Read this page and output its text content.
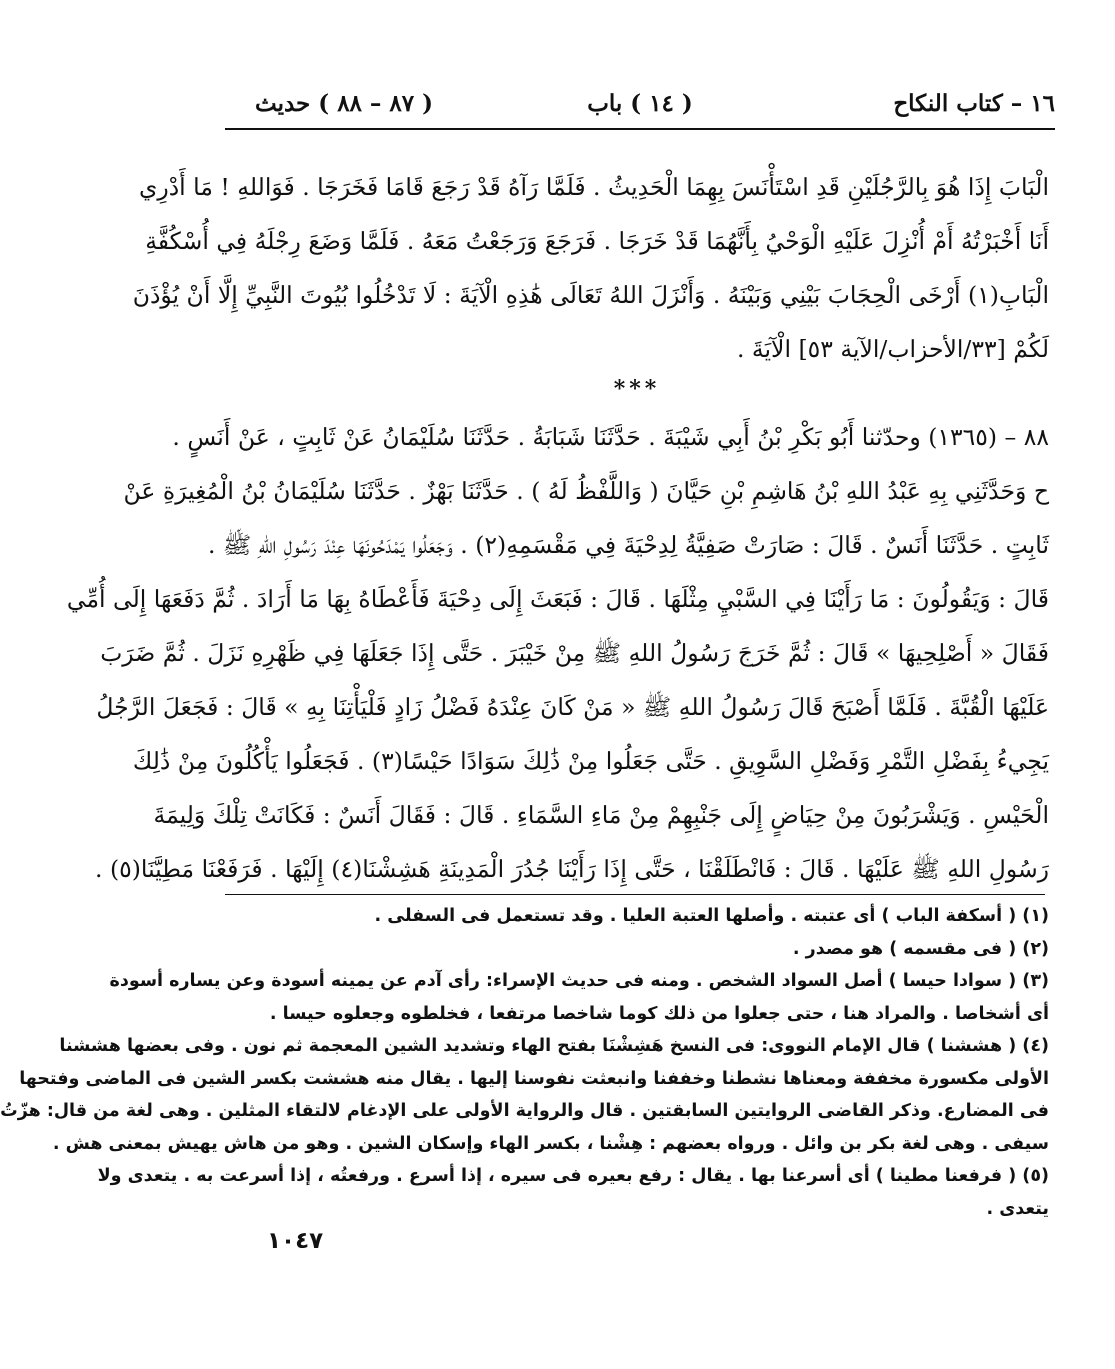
١٦ – كتاب النكاح
( ١٤ ) باب
( ٨٧ – ٨٨ ) حديث
الْبَابَ إِذَا هُوَ بِالرَّجُلَيْنِ قَدِ اسْتَأْنَسَ بِهِمَا الْحَدِيثُ . فَلَمَّا رَآهُ قَدْ رَجَعَ قَامَا فَخَرَجَا . فَوَاللهِ ! مَا أَدْرِي
أَنَا أَخْبَرْتُهُ أَمْ أُنْزِلَ عَلَيْهِ الْوَحْيُ بِأَنَّهُمَا قَدْ خَرَجَا . فَرَجَعَ وَرَجَعْتُ مَعَهُ . فَلَمَّا وَضَعَ رِجْلَهُ فِي أُسْكُفَّةِ
الْبَابِ(١) أَرْخَى الْحِجَابَ بَيْنِي وَبَيْنَهُ . وَأَنْزَلَ اللهُ تَعَالَى هَٰذِهِ الْآيَةَ : لَا تَدْخُلُوا بُيُوتَ النَّبِيِّ إِلَّا أَنْ يُؤْذَنَ
لَكُمْ [٣٣/الأحزاب/الآية ٥٣] الْآيَةَ .
***
٨٨ – (١٣٦٥) وحدّثنا أَبُو بَكْرِ بْنُ أَبِي شَيْبَةَ . حَدَّثَنَا شَبَابَةُ . حَدَّثَنَا سُلَيْمَانُ عَنْ ثَابِتٍ ، عَنْ أَنَسٍ .
ح وَحَدَّثَنِي بِهِ عَبْدُ اللهِ بْنُ هَاشِمِ بْنِ حَيَّانَ ( وَاللَّفْظُ لَهُ ) . حَدَّثَنَا بَهْزٌ . حَدَّثَنَا سُلَيْمَانُ بْنُ الْمُغِيرَةِ عَنْ
ثَابِتٍ . حَدَّثَنَا أَنَسٌ . قَالَ : صَارَتْ صَفِيَّةُ لِدِحْيَةَ فِي مَقْسَمِهِ(٢) . وَجَعَلُوا يَمْدَحُونَهَا عِنْدَ رَسُولِ اللهِ ﷺ .
قَالَ : وَيَقُولُونَ : مَا رَأَيْنَا فِي السَّبْيِ مِثْلَهَا . قَالَ : فَبَعَثَ إِلَى دِحْيَةَ فَأَعْطَاهُ بِهَا مَا أَرَادَ . ثُمَّ دَفَعَهَا إِلَى أُمِّي
فَقَالَ « أَصْلِحِيهَا » قَالَ : ثُمَّ خَرَجَ رَسُولُ اللهِ ﷺ مِنْ خَيْبَرَ . حَتَّى إِذَا جَعَلَهَا فِي ظَهْرِهِ نَزَلَ . ثُمَّ ضَرَبَ
عَلَيْهَا الْقُبَّةَ . فَلَمَّا أَصْبَحَ قَالَ رَسُولُ اللهِ ﷺ « مَنْ كَانَ عِنْدَهُ فَضْلُ زَادٍ فَلْيَأْتِنَا بِهِ » قَالَ : فَجَعَلَ الرَّجُلُ
يَجِيءُ بِفَضْلِ التَّمْرِ وَفَضْلِ السَّوِيقِ . حَتَّى جَعَلُوا مِنْ ذَٰلِكَ سَوَادًا حَيْسًا(٣) . فَجَعَلُوا يَأْكُلُونَ مِنْ ذَٰلِكَ
الْحَيْسِ . وَيَشْرَبُونَ مِنْ حِيَاضٍ إِلَى جَنْبِهِمْ مِنْ مَاءِ السَّمَاءِ . قَالَ : فَقَالَ أَنَسٌ : فَكَانَتْ تِلْكَ وَلِيمَةَ
رَسُولِ اللهِ ﷺ عَلَيْهَا . قَالَ : فَانْطَلَقْنَا ، حَتَّى إِذَا رَأَيْنَا جُدُرَ الْمَدِينَةِ هَشِشْنَا(٤) إِلَيْهَا . فَرَفَعْنَا مَطِيَّنَا(٥) .
(١) ( أسكفة الباب ) أى عتبته . وأصلها العتبة العليا . وقد تستعمل فى السفلى .
(٢) ( فى مقسمه ) هو مصدر .
(٣) ( سوادا حيسا ) أصل السواد الشخص . ومنه فى حديث الإسراء: رأى آدم عن يمينه أسودة وعن يساره أسودة
أى أشخاصا . والمراد هنا ، حتى جعلوا من ذلك كوما شاخصا مرتفعا ، فخلطوه وجعلوه حيسا .
(٤) ( هششنا ) قال الإمام النووى: فى النسخ هَشِشْنَا بفتح الهاء وتشديد الشين المعجمة ثم نون . وفى بعضها هششنا
الأولى مكسورة مخففة ومعناها نشطنا وخففنا وانبعثت نفوسنا إليها . يقال منه هششت بكسر الشين فى الماضى وفتحها
فى المضارع. وذكر القاضى الروايتين السابقتين . قال والرواية الأولى على الإدغام لالتقاء المثلين . وهى لغة من قال: هزّتُ
سيفى . وهى لغة بكر بن وائل . ورواه بعضهم : هِشْنا ، بكسر الهاء وإسكان الشين . وهو من هاش يهيش بمعنى هش .
(٥) ( فرفعنا مطينا ) أى أسرعنا بها . يقال : رفع بعيره فى سيره ، إذا أسرع . ورفعتُه ، إذا أسرعت به . يتعدى ولا
يتعدى .
١٠٤٧
